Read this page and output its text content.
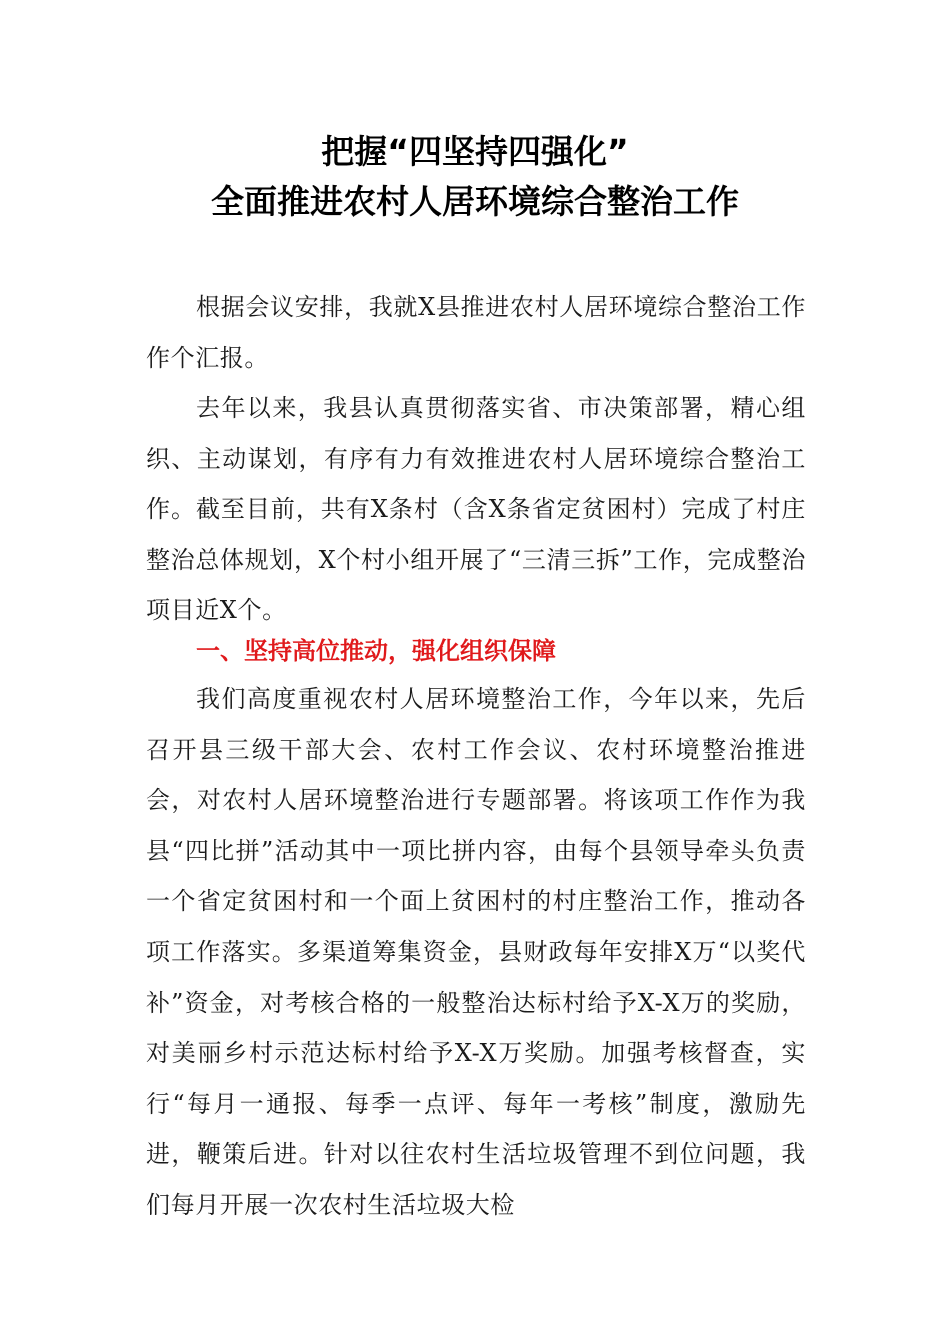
把握“四坚持四强化”
全面推进农村人居环境综合整治工作

根据会议安排，我就X县推进农村人居环境综合整治工作作个汇报。

去年以来，我县认真贯彻落实省、市决策部署，精心组织、主动谋划，有序有力有效推进农村人居环境综合整治工作。截至目前，共有X条村（含X条省定贫困村）完成了村庄整治总体规划，X个村小组开展了“三清三拆”工作，完成整治项目近X个。

一、坚持高位推动，强化组织保障

我们高度重视农村人居环境整治工作，今年以来，先后召开县三级干部大会、农村工作会议、农村环境整治推进会，对农村人居环境整治进行专题部署。将该项工作作为我县“四比拼”活动其中一项比拼内容，由每个县领导牵头负责一个省定贫困村和一个面上贫困村的村庄整治工作，推动各项工作落实。多渠道筹集资金，县财政每年安排X万“以奖代补”资金，对考核合格的一般整治达标村给予X-X万的奖励，对美丽乡村示范达标村给予X-X万奖励。加强考核督查，实行“每月一通报、每季一点评、每年一考核”制度，激励先进，鞭策后进。针对以往农村生活垃圾管理不到位问题，我们每月开展一次农村生活垃圾大检
